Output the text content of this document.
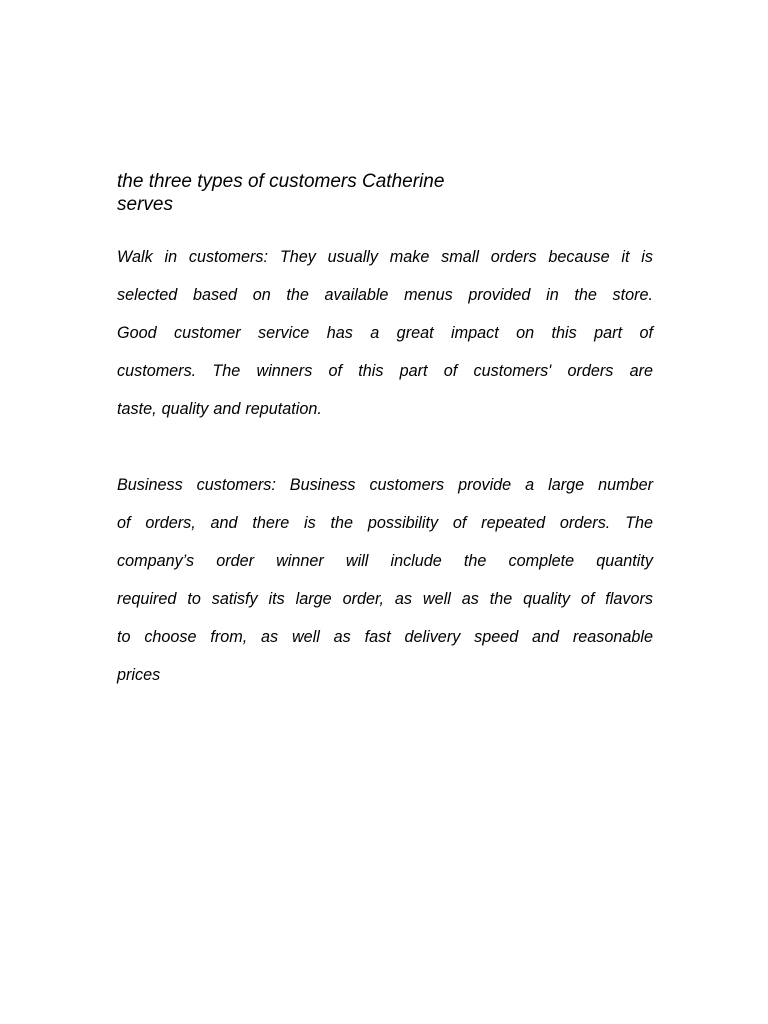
the three types of customers Catherine
serves
Walk in customers: They usually make small orders because it is
selected based on the available menus provided in the store.
Good customer service has a great impact on this part of
customers. The winners of this part of customers' orders are
taste, quality and reputation.
Business customers: Business customers provide a large number
of orders, and there is the possibility of repeated orders. The
company’s order winner will include the complete quantity
required to satisfy its large order, as well as the quality of flavors
to choose from, as well as fast delivery speed and reasonable
prices
